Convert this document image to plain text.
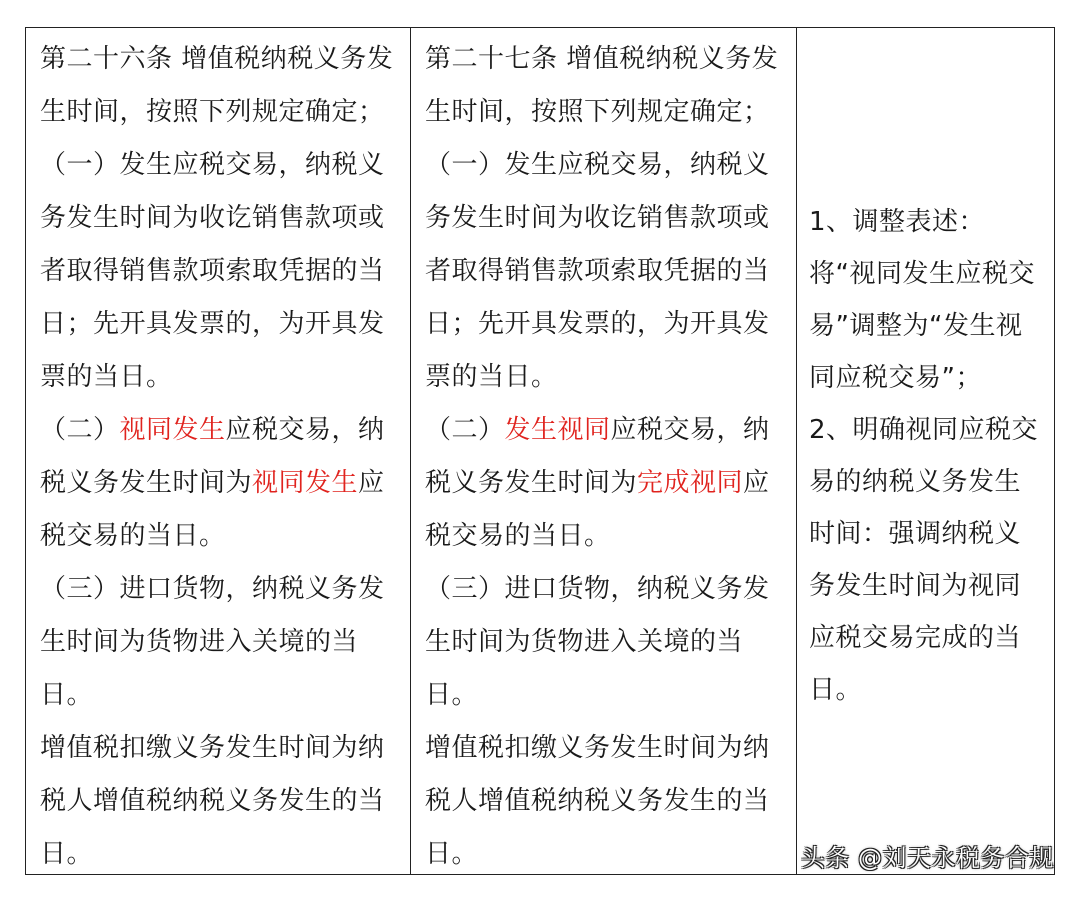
第二十六条 增值税纳税义务发生时间，按照下列规定确定；
（一）发生应税交易，纳税义务发生时间为收讫销售款项或者取得销售款项索取凭据的当日；先开具发票的，为开具发票的当日。
（二）视同发生应税交易，纳税义务发生时间为视同发生应税交易的当日。
（三）进口货物，纳税义务发生时间为货物进入关境的当日。
增值税扣缴义务发生时间为纳税人增值税纳税义务发生的当日。
第二十七条 增值税纳税义务发生时间，按照下列规定确定；
（一）发生应税交易，纳税义务发生时间为收讫销售款项或者取得销售款项索取凭据的当日；先开具发票的，为开具发票的当日。
（二）发生视同应税交易，纳税义务发生时间为完成视同应税交易的当日。
（三）进口货物，纳税义务发生时间为货物进入关境的当日。
增值税扣缴义务发生时间为纳税人增值税纳税义务发生的当日。
1、调整表述：将“视同发生应税交易”调整为“发生视同应税交易”；
2、明确视同应税交易的纳税义务发生时间：强调纳税义务发生时间为视同应税交易完成的当日。
头条 @刘天永税务合规
